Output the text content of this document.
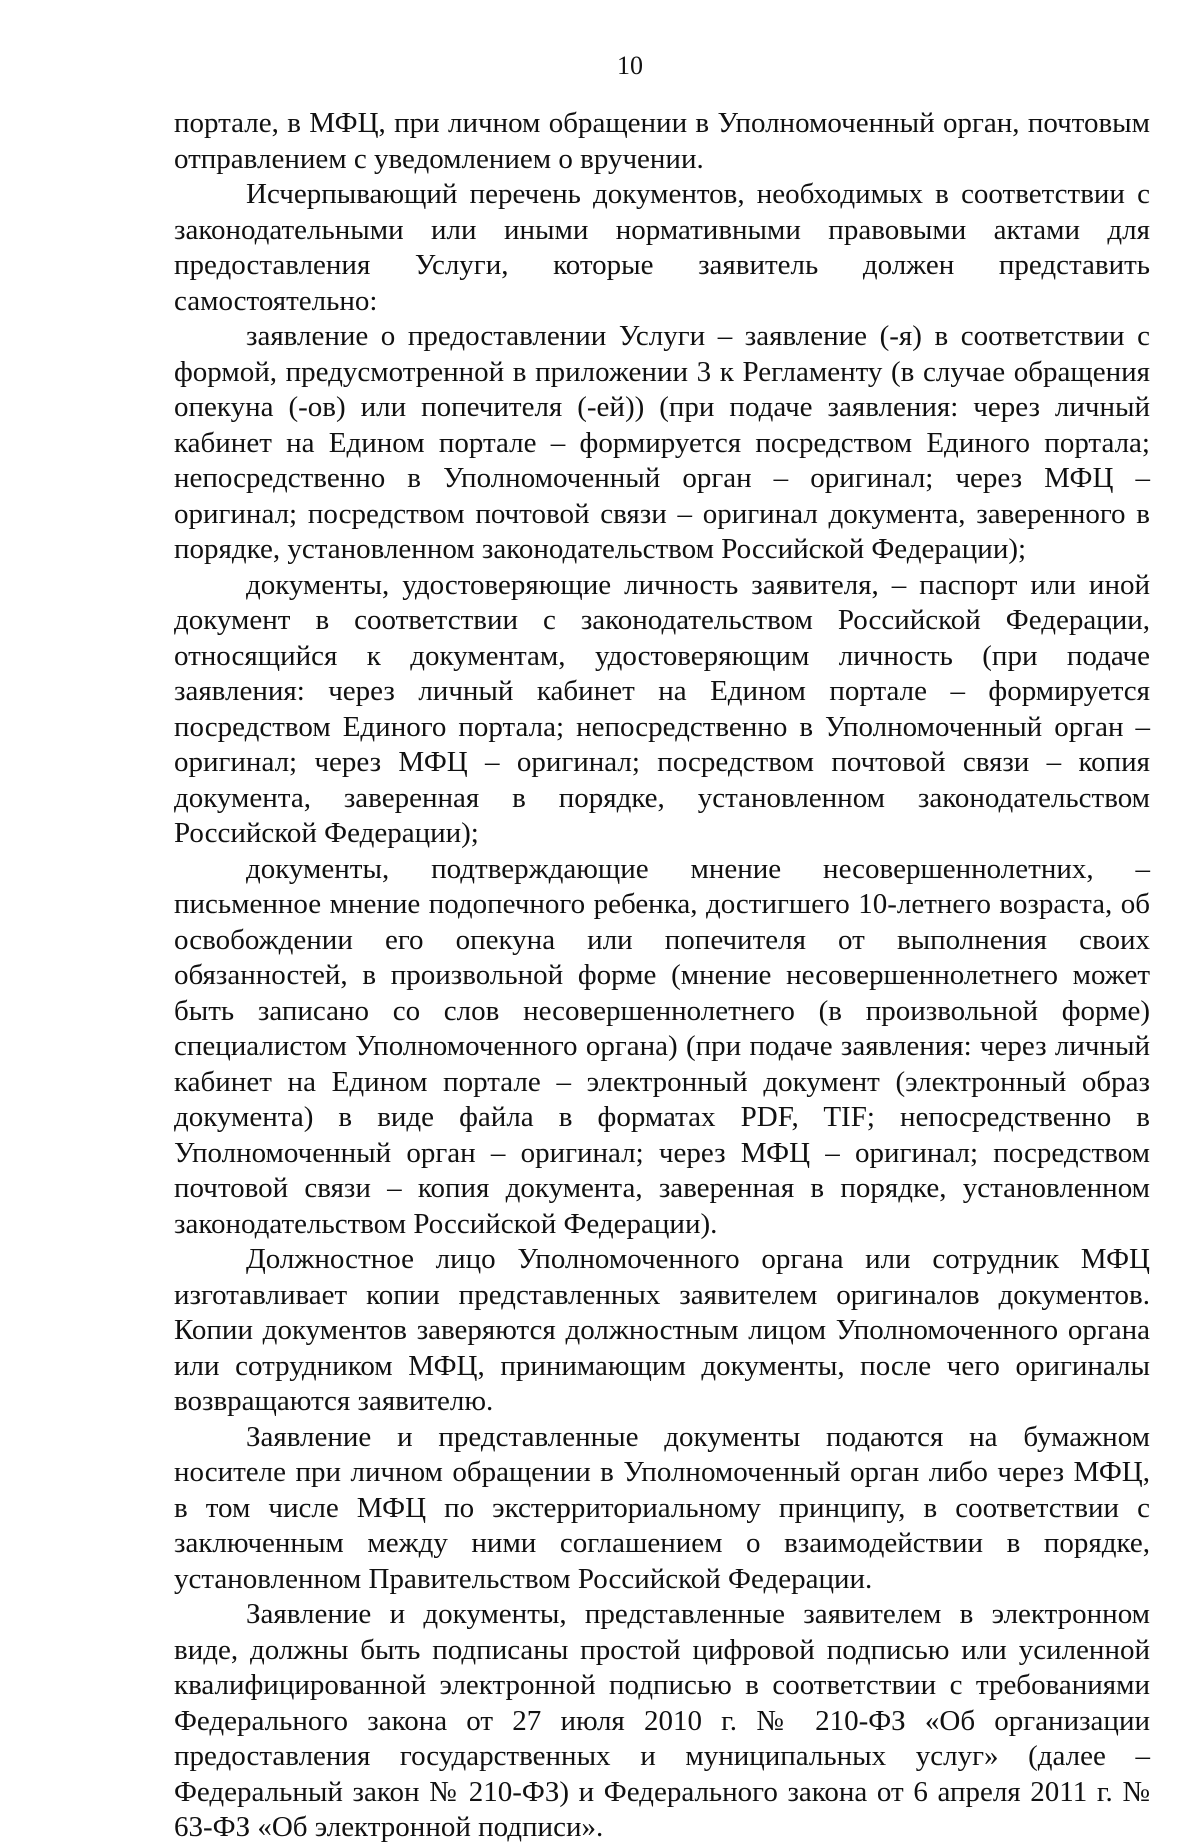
10

портале, в МФЦ, при личном обращении в Уполномоченный орган, почтовым отправлением с уведомлением о вручении.

Исчерпывающий перечень документов, необходимых в соответствии с законодательными или иными нормативными правовыми актами для предоставления Услуги, которые заявитель должен представить самостоятельно:

заявление о предоставлении Услуги – заявление (-я) в соответствии с формой, предусмотренной в приложении 3 к Регламенту (в случае обращения опекуна (-ов) или попечителя (-ей)) (при подаче заявления: через личный кабинет на Едином портале – формируется посредством Единого портала; непосредственно в Уполномоченный орган – оригинал; через МФЦ – оригинал; посредством почтовой связи – оригинал документа, заверенного в порядке, установленном законодательством Российской Федерации);

документы, удостоверяющие личность заявителя, – паспорт или иной документ в соответствии с законодательством Российской Федерации, относящийся к документам, удостоверяющим личность (при подаче заявления: через личный кабинет на Едином портале – формируется посредством Единого портала; непосредственно в Уполномоченный орган – оригинал; через МФЦ – оригинал; посредством почтовой связи – копия документа, заверенная в порядке, установленном законодательством Российской Федерации);

документы, подтверждающие мнение несовершеннолетних, – письменное мнение подопечного ребенка, достигшего 10-летнего возраста, об освобождении его опекуна или попечителя от выполнения своих обязанностей, в произвольной форме (мнение несовершеннолетнего может быть записано со слов несовершеннолетнего (в произвольной форме) специалистом Уполномоченного органа) (при подаче заявления: через личный кабинет на Едином портале – электронный документ (электронный образ документа) в виде файла в форматах PDF, TIF; непосредственно в Уполномоченный орган – оригинал; через МФЦ – оригинал; посредством почтовой связи – копия документа, заверенная в порядке, установленном законодательством Российской Федерации).

Должностное лицо Уполномоченного органа или сотрудник МФЦ изготавливает копии представленных заявителем оригиналов документов. Копии документов заверяются должностным лицом Уполномоченного органа или сотрудником МФЦ, принимающим документы, после чего оригиналы возвращаются заявителю.

Заявление и представленные документы подаются на бумажном носителе при личном обращении в Уполномоченный орган либо через МФЦ, в том числе МФЦ по экстерриториальному принципу, в соответствии с заключенным между ними соглашением о взаимодействии в порядке, установленном Правительством Российской Федерации.

Заявление и документы, представленные заявителем в электронном виде, должны быть подписаны простой цифровой подписью или усиленной квалифицированной электронной подписью в соответствии с требованиями Федерального закона от 27 июля 2010 г. № 210-ФЗ «Об организации предоставления государственных и муниципальных услуг» (далее – Федеральный закон № 210-ФЗ) и Федерального закона от 6 апреля 2011 г. № 63-ФЗ «Об электронной подписи».
